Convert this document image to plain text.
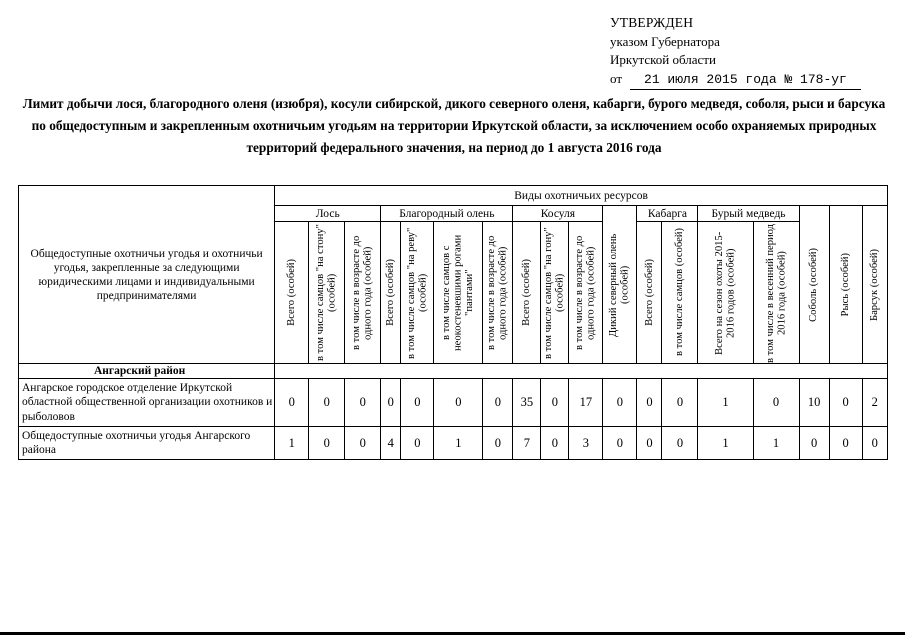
УТВЕРЖДЕН
указом Губернатора
Иркутской области
от	21 июля 2015 года № 178-уг
Лимит добычи лося, благородного оленя (изюбря), косули сибирской, дикого северного оленя, кабарги, бурого медведя, соболя, рыси и барсука по общедоступным и закрепленным охотничьим угодьям на территории Иркутской области, за исключением особо охраняемых природных территорий федерального значения, на период до 1 августа 2016 года
Общедоступные охотничьи угодья и охотничьи угодья, закрепленные за следующими юридическими лицами и индивидуальными предпринимателями	Виды охотничьих ресурсов																	
	Лось			Благородный олень				Косуля			Дикий северный олень (особей)	Кабарга		Бурый медведь		Соболь (особей)	Рысь (особей)	Барсук (особей)

	Всего (особей)	в том числе самцов "на стону" (особей)	в том числе в возрасте до одного года (особей)	Всего (особей)	в том числе самцов "на реву" (особей)	в том числе самцов с неокостеневшими рогами "пантами"	в том числе в возрасте до одного года (особей)	Всего (особей)	в том числе самцов "на гону" (особей)	в том числе в возрасте до одного года (особей)		Всего (особей)	в том числе самцов (особей)	Всего на сезон охоты 2015-2016 годов (особей)	в том числе в весенний период 2016 года (особей)			

Ангарский район																		
Ангарское городское отделение Иркутской областной общественной организации охотников и рыболовов	0	0	0	0	0	0	0	35	0	17	0	0	0	1	0	10	0	2
Общедоступные охотничьи угодья Ангарского района	1	0	0	4	0	1	0	7	0	3	0	0	0	1	1	0	0	0
